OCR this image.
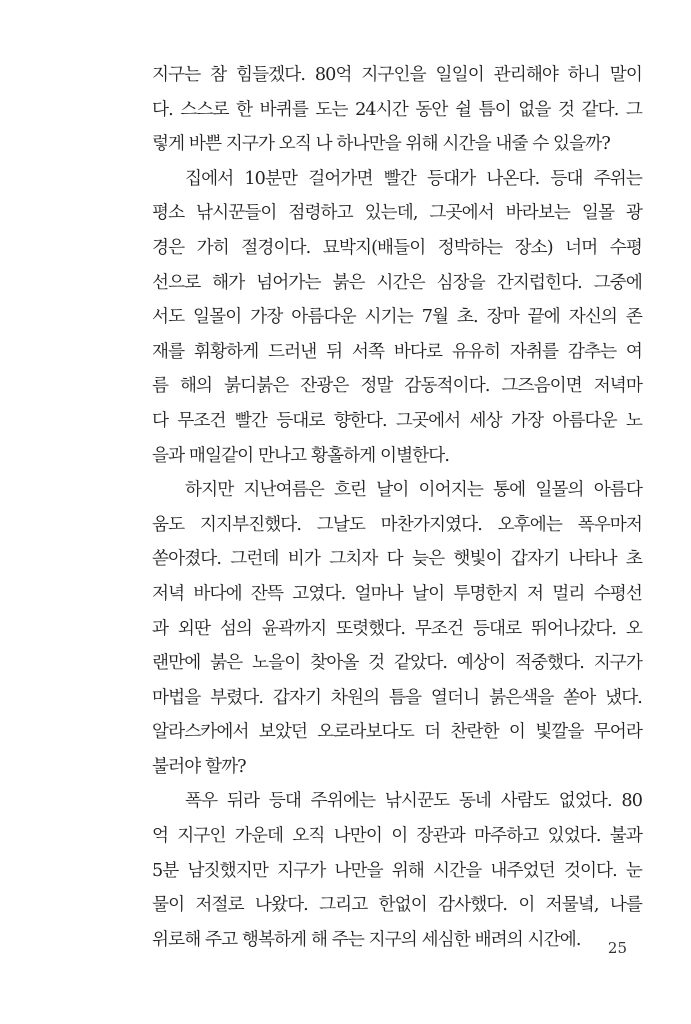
지구는 참 힘들겠다. 80억 지구인을 일일이 관리해야 하니 말이
다. 스스로 한 바퀴를 도는 24시간 동안 쉴 틈이 없을 것 같다. 그
렇게 바쁜 지구가 오직 나 하나만을 위해 시간을 내줄 수 있을까?
집에서 10분만 걸어가면 빨간 등대가 나온다. 등대 주위는
평소 낚시꾼들이 점령하고 있는데, 그곳에서 바라보는 일몰 광
경은 가히 절경이다. 묘박지(배들이 정박하는 장소) 너머 수평
선으로 해가 넘어가는 붉은 시간은 심장을 간지럽힌다. 그중에
서도 일몰이 가장 아름다운 시기는 7월 초. 장마 끝에 자신의 존
재를 휘황하게 드러낸 뒤 서쪽 바다로 유유히 자취를 감추는 여
름 해의 붉디붉은 잔광은 정말 감동적이다. 그즈음이면 저녁마
다 무조건 빨간 등대로 향한다. 그곳에서 세상 가장 아름다운 노
을과 매일같이 만나고 황홀하게 이별한다.
하지만 지난여름은 흐린 날이 이어지는 통에 일몰의 아름다
움도 지지부진했다. 그날도 마찬가지였다. 오후에는 폭우마저
쏟아졌다. 그런데 비가 그치자 다 늦은 햇빛이 갑자기 나타나 초
저녁 바다에 잔뜩 고였다. 얼마나 날이 투명한지 저 멀리 수평선
과 외딴 섬의 윤곽까지 또렷했다. 무조건 등대로 뛰어나갔다. 오
랜만에 붉은 노을이 찾아올 것 같았다. 예상이 적중했다. 지구가
마법을 부렸다. 갑자기 차원의 틈을 열더니 붉은색을 쏟아 냈다.
알라스카에서 보았던 오로라보다도 더 찬란한 이 빛깔을 무어라
불러야 할까?
폭우 뒤라 등대 주위에는 낚시꾼도 동네 사람도 없었다. 80
억 지구인 가운데 오직 나만이 이 장관과 마주하고 있었다. 불과
5분 남짓했지만 지구가 나만을 위해 시간을 내주었던 것이다. 눈
물이 저절로 나왔다. 그리고 한없이 감사했다. 이 저물녘, 나를
위로해 주고 행복하게 해 주는 지구의 세심한 배려의 시간에.	25
